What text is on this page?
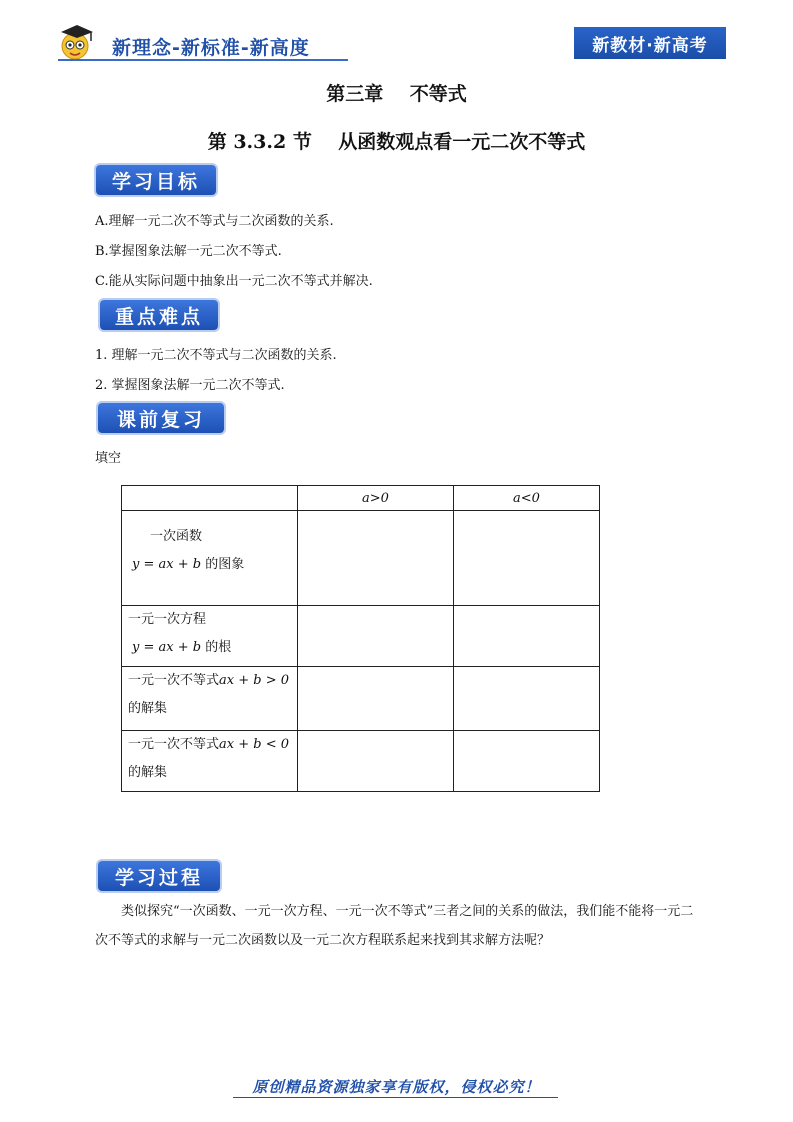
新理念-新标准-新高度	新教材·新高考
第三章    不等式
第 3.3.2 节    从函数观点看一元二次不等式
学习目标
A.理解一元二次不等式与二次函数的关系.
B.掌握图象法解一元二次不等式.
C.能从实际问题中抽象出一元二次不等式并解决.
重点难点
1. 理解一元二次不等式与二次函数的关系.
2. 掌握图象法解一元二次不等式.
课前复习
填空
	a>0	a<0

一次函数
y = ax + b 的图象		

一元一次方程
y = ax + b 的根		

一元一次不等式ax + b > 0
的解集		

一元一次不等式ax + b < 0
的解集		

学习过程
类似探究“一次函数、一元一次方程、一元一次不等式”三者之间的关系的做法，我们能不能将一元二次不等式的求解与一元二次函数以及一元二次方程联系起来找到其求解方法呢？
原创精品资源独家享有版权，侵权必究！
